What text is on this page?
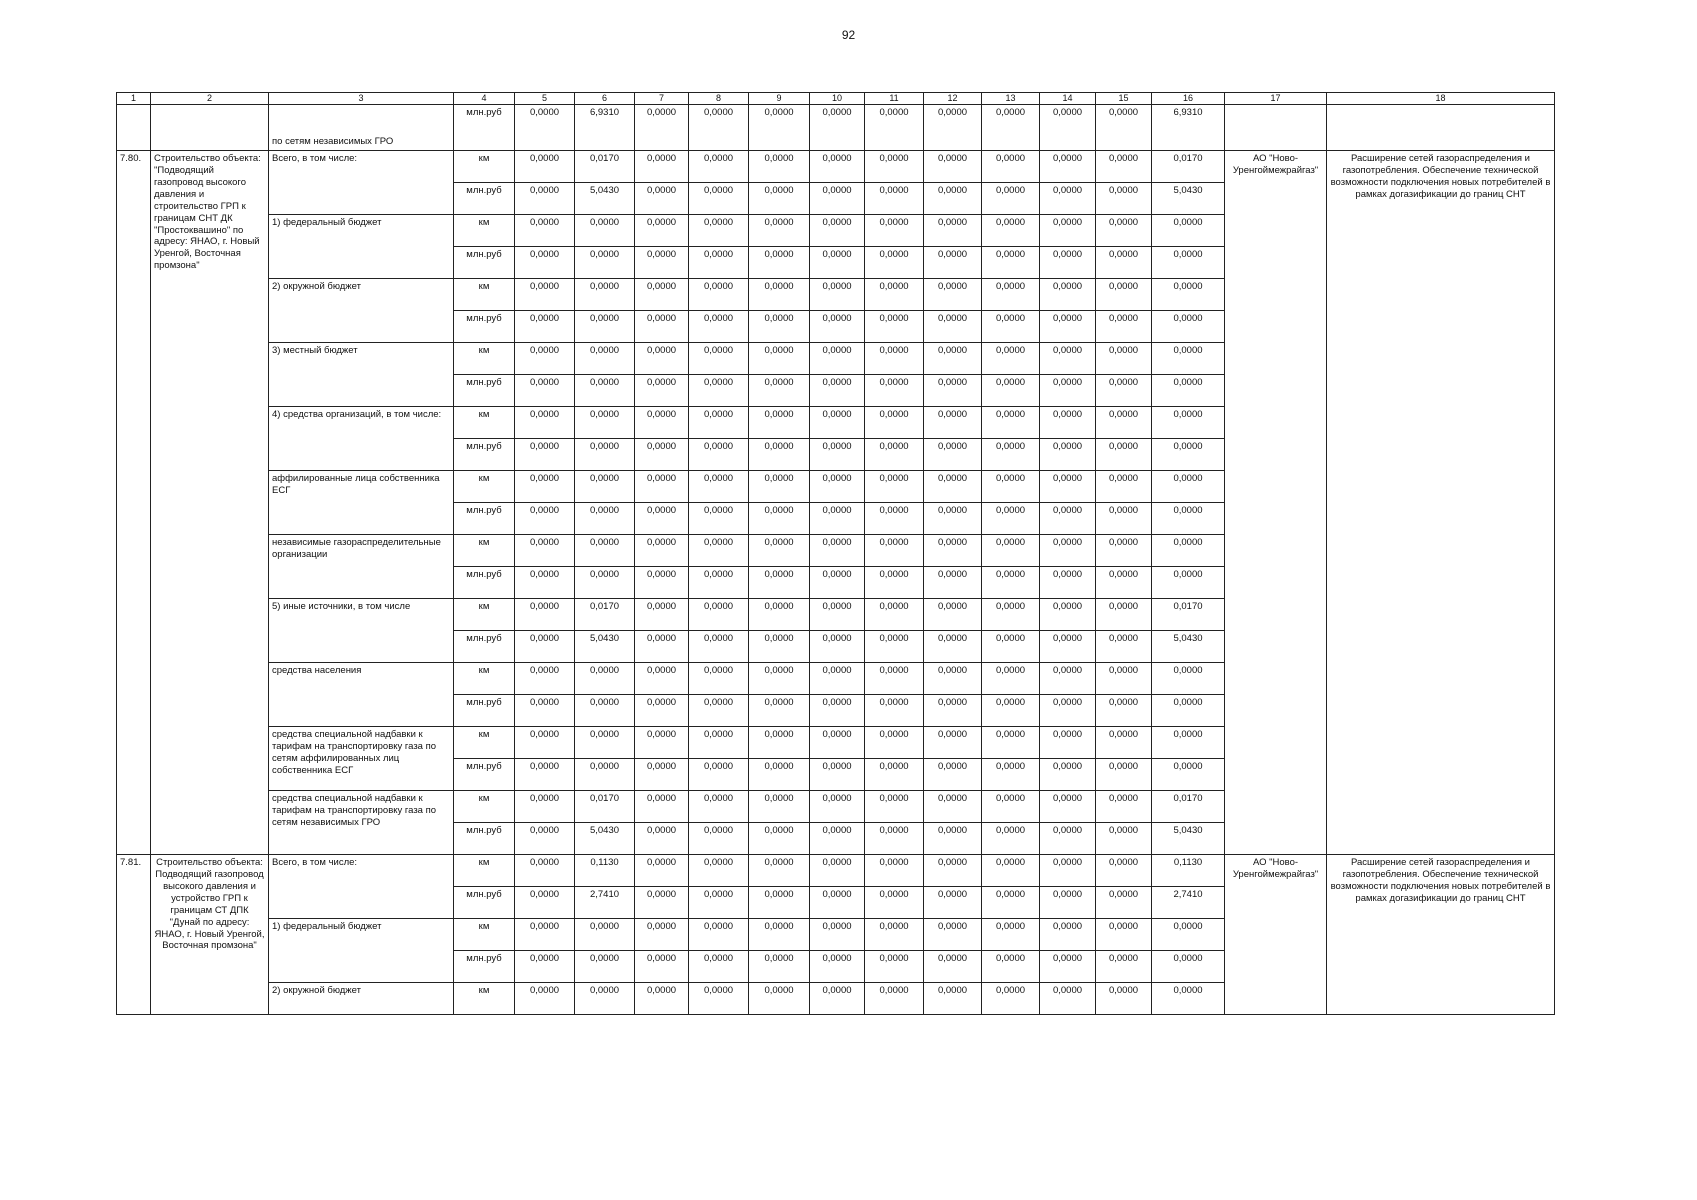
92
1	2	3	4	5	6	7	8	9	10	11	12	13	14	15	16	17	18
		по сетям независимых ГРО	млн.руб	0,0000	6,9310	0,0000	0,0000	0,0000	0,0000	0,0000	0,0000	0,0000	0,0000	0,0000	6,9310		
7.80.	Строительство объекта: "Подводящий газопровод высокого давления и строительство ГРП к границам СНТ ДК "Простоквашино" по адресу: ЯНАО, г. Новый Уренгой, Восточная промзона"	Всего, в том числе:	км	0,0000	0,0170	0,0000	0,0000	0,0000	0,0000	0,0000	0,0000	0,0000	0,0000	0,0000	0,0170	АО "Ново-Уренгоймежрайгаз"	Расширение сетей газораспределения и газопотребления. Обеспечение технической возможности подключения новых потребителей в рамках догазификации до границ СНТ
			млн.руб	0,0000	5,0430	0,0000	0,0000	0,0000	0,0000	0,0000	0,0000	0,0000	0,0000	0,0000	5,0430		
		1) федеральный бюджет	км	0,0000	0,0000	0,0000	0,0000	0,0000	0,0000	0,0000	0,0000	0,0000	0,0000	0,0000	0,0000		
			млн.руб	0,0000	0,0000	0,0000	0,0000	0,0000	0,0000	0,0000	0,0000	0,0000	0,0000	0,0000	0,0000		
		2) окружной бюджет	км	0,0000	0,0000	0,0000	0,0000	0,0000	0,0000	0,0000	0,0000	0,0000	0,0000	0,0000	0,0000		
			млн.руб	0,0000	0,0000	0,0000	0,0000	0,0000	0,0000	0,0000	0,0000	0,0000	0,0000	0,0000	0,0000		
		3) местный бюджет	км	0,0000	0,0000	0,0000	0,0000	0,0000	0,0000	0,0000	0,0000	0,0000	0,0000	0,0000	0,0000		
			млн.руб	0,0000	0,0000	0,0000	0,0000	0,0000	0,0000	0,0000	0,0000	0,0000	0,0000	0,0000	0,0000		
		4) средства организаций, в том числе:	км	0,0000	0,0000	0,0000	0,0000	0,0000	0,0000	0,0000	0,0000	0,0000	0,0000	0,0000	0,0000		
			млн.руб	0,0000	0,0000	0,0000	0,0000	0,0000	0,0000	0,0000	0,0000	0,0000	0,0000	0,0000	0,0000		
		аффилированные лица собственника ЕСГ	км	0,0000	0,0000	0,0000	0,0000	0,0000	0,0000	0,0000	0,0000	0,0000	0,0000	0,0000	0,0000		
			млн.руб	0,0000	0,0000	0,0000	0,0000	0,0000	0,0000	0,0000	0,0000	0,0000	0,0000	0,0000	0,0000		
		независимые газораспределительные организации	км	0,0000	0,0000	0,0000	0,0000	0,0000	0,0000	0,0000	0,0000	0,0000	0,0000	0,0000	0,0000		
			млн.руб	0,0000	0,0000	0,0000	0,0000	0,0000	0,0000	0,0000	0,0000	0,0000	0,0000	0,0000	0,0000		
		5) иные источники, в том числе	км	0,0000	0,0170	0,0000	0,0000	0,0000	0,0000	0,0000	0,0000	0,0000	0,0000	0,0000	0,0170		
			млн.руб	0,0000	5,0430	0,0000	0,0000	0,0000	0,0000	0,0000	0,0000	0,0000	0,0000	0,0000	5,0430		
		средства населения	км	0,0000	0,0000	0,0000	0,0000	0,0000	0,0000	0,0000	0,0000	0,0000	0,0000	0,0000	0,0000		
			млн.руб	0,0000	0,0000	0,0000	0,0000	0,0000	0,0000	0,0000	0,0000	0,0000	0,0000	0,0000	0,0000		
		средства специальной надбавки к тарифам на транспортировку газа по сетям аффилированных лиц собственника ЕСГ	км	0,0000	0,0000	0,0000	0,0000	0,0000	0,0000	0,0000	0,0000	0,0000	0,0000	0,0000	0,0000		
			млн.руб	0,0000	0,0000	0,0000	0,0000	0,0000	0,0000	0,0000	0,0000	0,0000	0,0000	0,0000	0,0000		
		средства специальной надбавки к тарифам на транспортировку газа по сетям независимых ГРО	км	0,0000	0,0170	0,0000	0,0000	0,0000	0,0000	0,0000	0,0000	0,0000	0,0000	0,0000	0,0170		
			млн.руб	0,0000	5,0430	0,0000	0,0000	0,0000	0,0000	0,0000	0,0000	0,0000	0,0000	0,0000	5,0430		
7.81.	Строительство объекта: Подводящий газопровод высокого давления и устройство ГРП к границам СТ ДПК "Дунай по адресу: ЯНАО, г. Новый Уренгой, Восточная промзона"	Всего, в том числе:	км	0,0000	0,1130	0,0000	0,0000	0,0000	0,0000	0,0000	0,0000	0,0000	0,0000	0,0000	0,1130	АО "Ново-Уренгоймежрайгаз"	Расширение сетей газораспределения и газопотребления. Обеспечение технической возможности подключения новых потребителей в рамках догазификации до границ СНТ
			млн.руб	0,0000	2,7410	0,0000	0,0000	0,0000	0,0000	0,0000	0,0000	0,0000	0,0000	0,0000	2,7410		
		1) федеральный бюджет	км	0,0000	0,0000	0,0000	0,0000	0,0000	0,0000	0,0000	0,0000	0,0000	0,0000	0,0000	0,0000		
			млн.руб	0,0000	0,0000	0,0000	0,0000	0,0000	0,0000	0,0000	0,0000	0,0000	0,0000	0,0000	0,0000		
		2) окружной бюджет	км	0,0000	0,0000	0,0000	0,0000	0,0000	0,0000	0,0000	0,0000	0,0000	0,0000	0,0000	0,0000		
